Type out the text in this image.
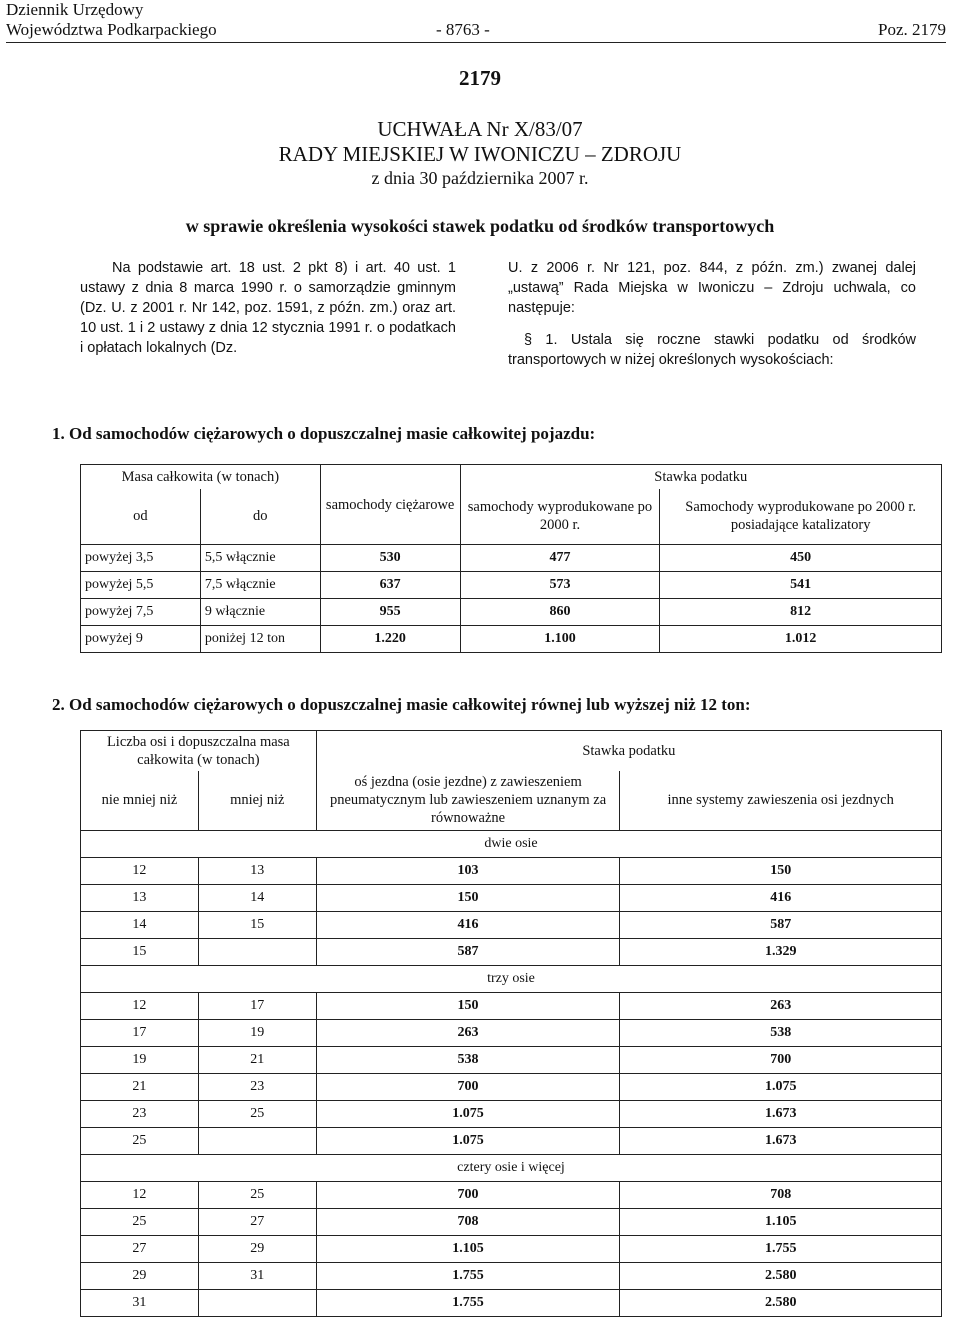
Dziennik Urzędowy
Województwa Podkarpackiego	- 8763 -	Poz. 2179
2179
UCHWAŁA Nr X/83/07
RADY MIEJSKIEJ W IWONICZU – ZDROJU
z dnia 30 października 2007 r.
w sprawie określenia wysokości stawek podatku od środków transportowych

Na podstawie art. 18 ust. 2 pkt 8) i art. 40 ust. 1 ustawy z dnia 8 marca 1990 r. o samorządzie gminnym (Dz. U. z 2001 r. Nr 142, poz. 1591, z późn. zm.) oraz art. 10 ust. 1 i 2 ustawy z dnia 12 stycznia 1991 r. o podatkach i opłatach lokalnych (Dz.

U. z 2006 r. Nr 121, poz. 844, z późn. zm.) zwanej dalej „ustawą” Rada Miejska w Iwoniczu – Zdroju uchwala, co następuje:

§ 1. Ustala się roczne stawki podatku od środków transportowych w niżej określonych wysokościach:

1. Od samochodów ciężarowych o dopuszczalnej masie całkowitej pojazdu:
Masa całkowita (w tonach)		samochody ciężarowe	Stawka podatku	
od	do		samochody wyprodukowane po 2000 r.	Samochody wyprodukowane po 2000 r. posiadające katalizatory
powyżej 3,5	5,5 włącznie	530	477	450
powyżej 5,5	7,5 włącznie	637	573	541
powyżej 7,5	9 włącznie	955	860	812
powyżej 9	poniżej 12 ton	1.220	1.100	1.012
2. Od samochodów ciężarowych o dopuszczalnej masie całkowitej równej lub wyższej niż 12 ton:
Liczba osi i dopuszczalna masa całkowita (w tonach)		Stawka podatku	
nie mniej niż	mniej niż	oś jezdna (osie jezdne) z zawieszeniem pneumatycznym lub zawieszeniem uznanym za równoważne	inne systemy zawieszenia osi jezdnych
dwie osie			
12	13	103	150
13	14	150	416
14	15	416	587
15		587	1.329
trzy osie			
12	17	150	263
17	19	263	538
19	21	538	700
21	23	700	1.075
23	25	1.075	1.673
25		1.075	1.673
cztery osie i więcej			
12	25	700	708
25	27	708	1.105
27	29	1.105	1.755
29	31	1.755	2.580
31		1.755	2.580
